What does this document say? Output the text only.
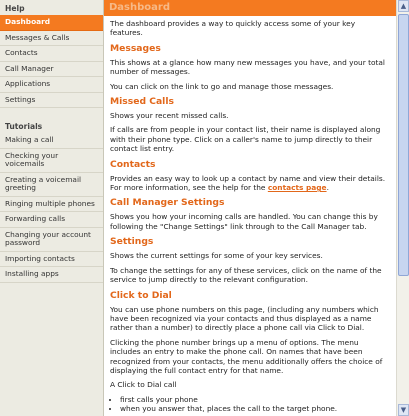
Help
Dashboard
Messages & Calls
Contacts
Call Manager
Applications
Settings
Tutorials
Making a call
Checking your voicemails
Creating a voicemail greeting
Ringing multiple phones
Forwarding calls
Changing your account password
Importing contacts
Installing apps
Dashboard

The dashboard provides a way to quickly access some of your key features.

Messages

This shows at a glance how many new messages you have, and your total number of messages.

You can click on the link to go and manage those messages.

Missed Calls

Shows your recent missed calls.

If calls are from people in your contact list, their name is displayed along with their phone type. Click on a caller's name to jump directly to their contact list entry.

Contacts

Provides an easy way to look up a contact by name and view their details. For more information, see the help for the contacts page.

Call Manager Settings

Shows you how your incoming calls are handled. You can change this by following the "Change Settings" link through to the Call Manager tab.

Settings

Shows the current settings for some of your key services.

To change the settings for any of these services, click on the name of the service to jump directly to the relevant configuration.

Click to Dial

You can use phone numbers on this page, (including any numbers which have been recognized via your contacts and thus displayed as a name rather than a number) to directly place a phone call via Click to Dial.

Clicking the phone number brings up a menu of options. The menu includes an entry to make the phone call. On names that have been recognized from your contacts, the menu additionally offers the choice of displaying the full contact entry for that name.

A Click to Dial call

• first calls your phone
• when you answer that, places the call to the target phone.
▲
▼
